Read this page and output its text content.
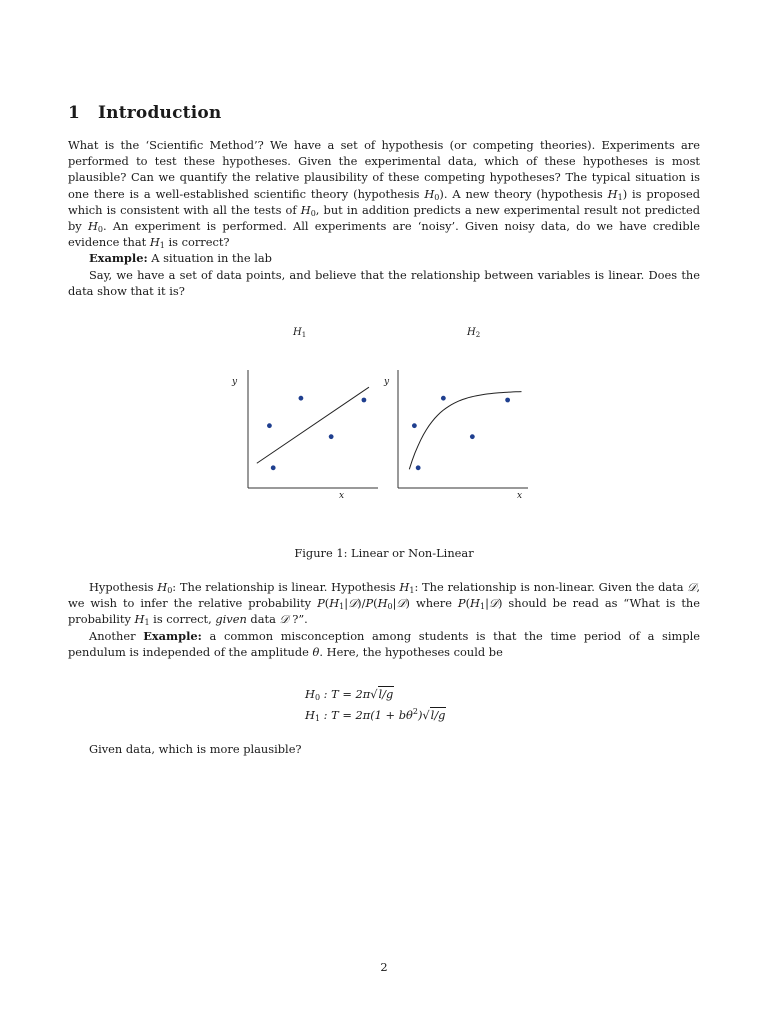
1 Introduction

What is the ‘Scientific Method’? We have a set of hypothesis (or competing theories). Experiments are performed to test these hypotheses. Given the experimental data, which of these hypotheses is most plausible? Can we quantify the relative plausibility of these competing hypotheses? The typical situation is one there is a well-established scientific theory (hypothesis $H_0$). A new theory (hypothesis $H_1$) is proposed which is consistent with all the tests of $H_0$, but in addition predicts a new experimental result not predicted by $H_0$. An experiment is performed. All experiments are ‘noisy’. Given noisy data, do we have credible evidence that $H_1$ is correct?

Example: A situation in the lab

Say, we have a set of data points, and believe that the relationship between variables is linear. Does the data show that it is?

$H_1$	$H_2$
y
x
y
x
Figure 1: Linear or Non-Linear

Hypothesis $H_0$: The relationship is linear. Hypothesis $H_1$: The relationship is non-linear. Given the data 𝒟, we wish to infer the relative probability $P(H_1|𝒟)/P(H_0|𝒟)$ where $P(H_1|𝒟)$ should be read as “What is the probability $H_1$ is correct, given data 𝒟 ?”.

Another Example: a common misconception among students is that the time period of a simple pendulum is independed of the amplitude θ. Here, the hypotheses could be

$H_0$ : T = 2π√l/g
$H_1$ : $T = 2\pi(1 + b\theta^2)√l/g$
Given data, which is more plausible?
2
